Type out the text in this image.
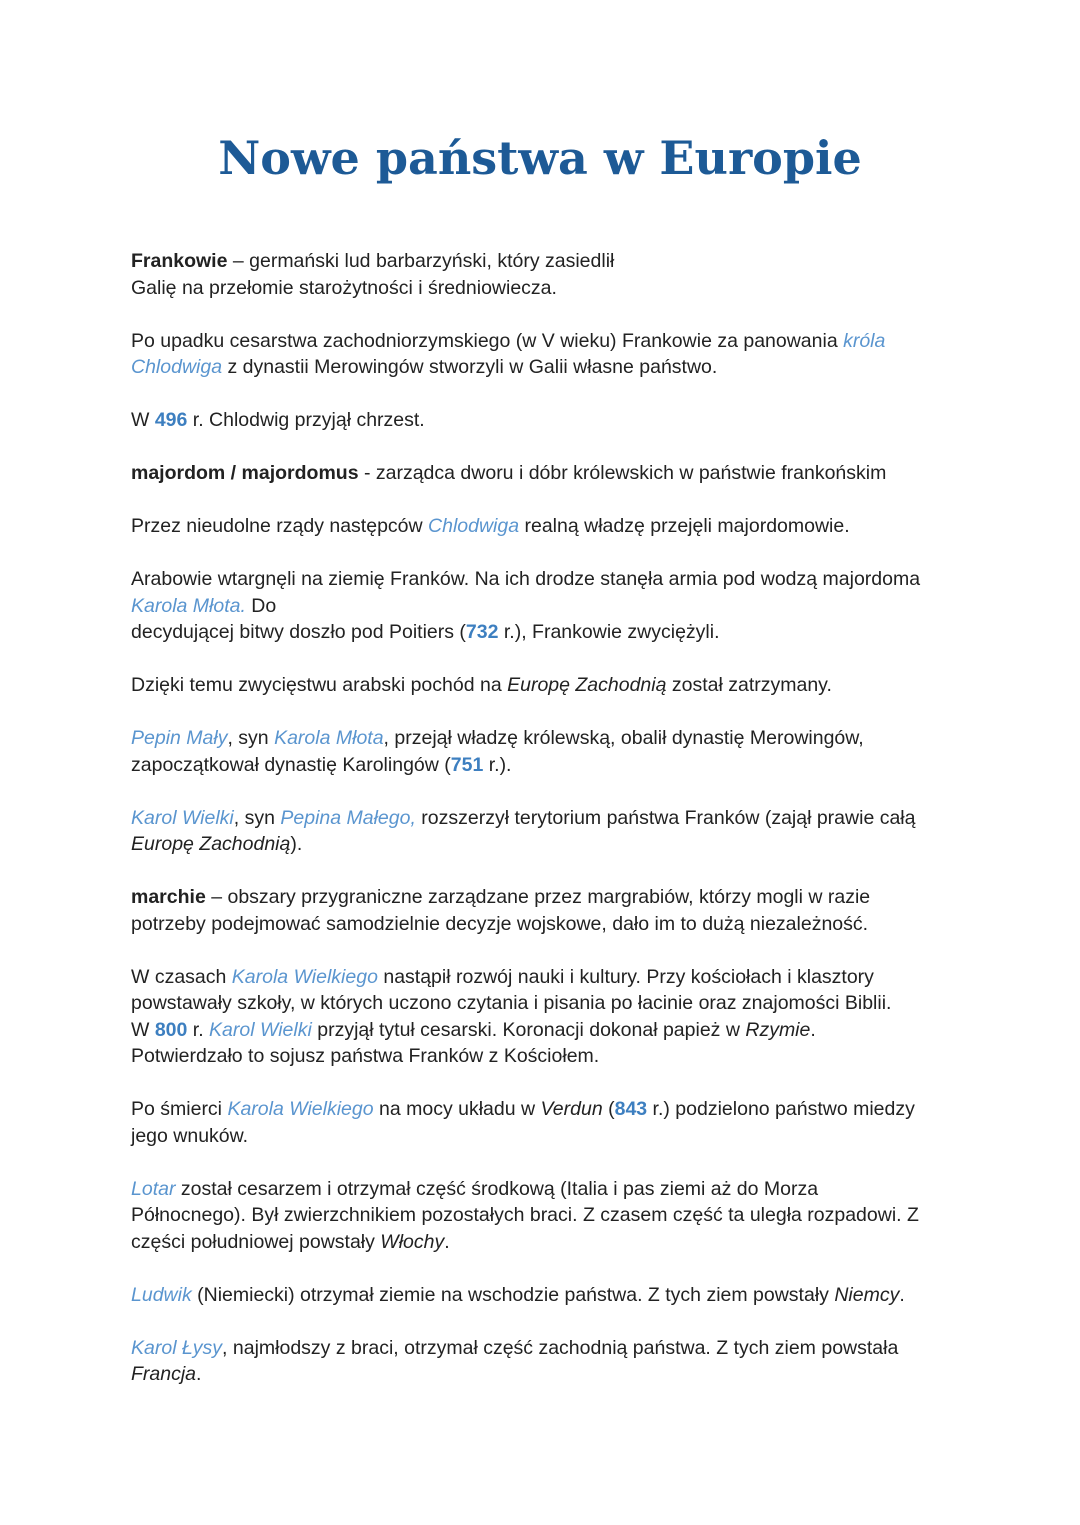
Nowe państwa w Europie

Frankowie – germański lud barbarzyński, który zasiedlił
Galię na przełomie starożytności i średniowiecza.

Po upadku cesarstwa zachodniorzymskiego (w V wieku) Frankowie za panowania króla
Chlodwiga z dynastii Merowingów stworzyli w Galii własne państwo.

W 496 r. Chlodwig przyjął chrzest.

majordom / majordomus - zarządca dworu i dóbr królewskich w państwie frankońskim

Przez nieudolne rządy następców Chlodwiga realną władzę przejęli majordomowie.

Arabowie wtargnęli na ziemię Franków. Na ich drodze stanęła armia pod wodzą majordoma
Karola Młota. Do
decydującej bitwy doszło pod Poitiers (732 r.), Frankowie zwyciężyli.

Dzięki temu zwycięstwu arabski pochód na Europę Zachodnią został zatrzymany.

Pepin Mały, syn Karola Młota, przejął władzę królewską, obalił dynastię Merowingów,
zapoczątkował dynastię Karolingów (751 r.).

Karol Wielki, syn Pepina Małego, rozszerzył terytorium państwa Franków (zajął prawie całą
Europę Zachodnią).

marchie – obszary przygraniczne zarządzane przez margrabiów, którzy mogli w razie
potrzeby podejmować samodzielnie decyzje wojskowe, dało im to dużą niezależność.

W czasach Karola Wielkiego nastąpił rozwój nauki i kultury. Przy kościołach i klasztory
powstawały szkoły, w których uczono czytania i pisania po łacinie oraz znajomości Biblii.
W 800 r. Karol Wielki przyjął tytuł cesarski. Koronacji dokonał papież w Rzymie.
Potwierdzało to sojusz państwa Franków z Kościołem.

Po śmierci Karola Wielkiego na mocy układu w Verdun (843 r.) podzielono państwo miedzy
jego wnuków.

Lotar został cesarzem i otrzymał część środkową (Italia i pas ziemi aż do Morza
Północnego). Był zwierzchnikiem pozostałych braci. Z czasem część ta uległa rozpadowi. Z
części południowej powstały Włochy.

Ludwik (Niemiecki) otrzymał ziemie na wschodzie państwa. Z tych ziem powstały Niemcy.

Karol Łysy, najmłodszy z braci, otrzymał część zachodnią państwa. Z tych ziem powstała
Francja.
